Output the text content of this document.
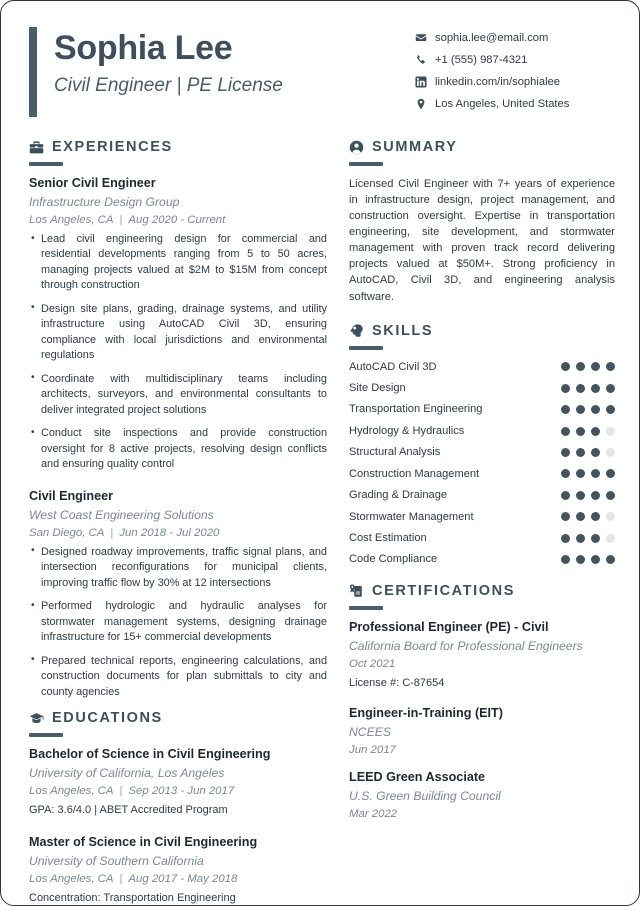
Sophia Lee
Civil Engineer | PE License
sophia.lee@email.com
+1 (555) 987-4321
linkedin.com/in/sophialee
Los Angeles, United States
EXPERIENCES
Senior Civil Engineer
Infrastructure Design Group
Los Angeles, CA | Aug 2020 - Current
• Lead civil engineering design for commercial and residential developments ranging from 5 to 50 acres, managing projects valued at $2M to $15M from concept through construction
• Design site plans, grading, drainage systems, and utility infrastructure using AutoCAD Civil 3D, ensuring compliance with local jurisdictions and environmental regulations
• Coordinate with multidisciplinary teams including architects, surveyors, and environmental consultants to deliver integrated project solutions
• Conduct site inspections and provide construction oversight for 8 active projects, resolving design conflicts and ensuring quality control
Civil Engineer
West Coast Engineering Solutions
San Diego, CA | Jun 2018 - Jul 2020
• Designed roadway improvements, traffic signal plans, and intersection reconfigurations for municipal clients, improving traffic flow by 30% at 12 intersections
• Performed hydrologic and hydraulic analyses for stormwater management systems, designing drainage infrastructure for 15+ commercial developments
• Prepared technical reports, engineering calculations, and construction documents for plan submittals to city and county agencies
EDUCATIONS
Bachelor of Science in Civil Engineering
University of California, Los Angeles
Los Angeles, CA | Sep 2013 - Jun 2017
GPA: 3.6/4.0 | ABET Accredited Program
Master of Science in Civil Engineering
University of Southern California
Los Angeles, CA | Aug 2017 - May 2018
Concentration: Transportation Engineering
SUMMARY
Licensed Civil Engineer with 7+ years of experience in infrastructure design, project management, and construction oversight. Expertise in transportation engineering, site development, and stormwater management with proven track record delivering projects valued at $50M+. Strong proficiency in AutoCAD, Civil 3D, and engineering analysis software.
SKILLS
AutoCAD Civil 3D
Site Design
Transportation Engineering
Hydrology & Hydraulics
Structural Analysis
Construction Management
Grading & Drainage
Stormwater Management
Cost Estimation
Code Compliance
CERTIFICATIONS
Professional Engineer (PE) - Civil
California Board for Professional Engineers
Oct 2021
License #: C-87654
Engineer-in-Training (EIT)
NCEES
Jun 2017
LEED Green Associate
U.S. Green Building Council
Mar 2022
